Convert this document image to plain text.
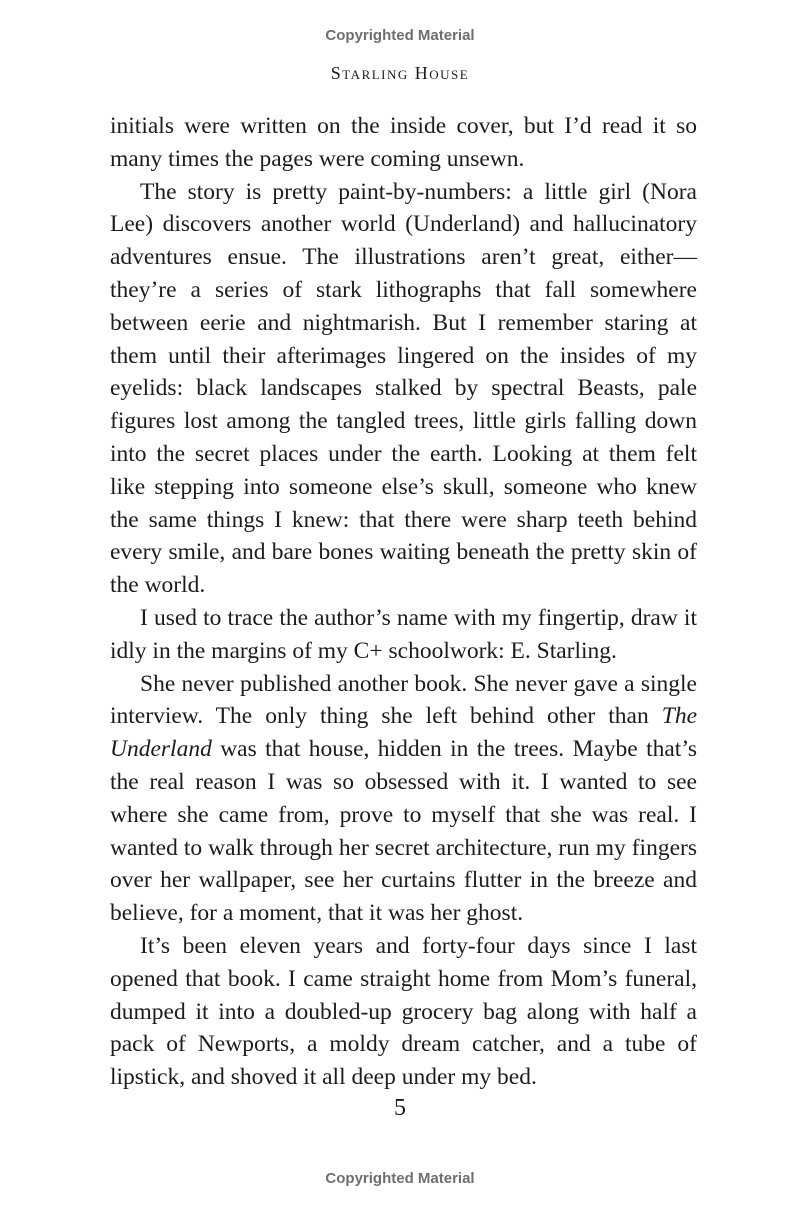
Copyrighted Material
Starling House

initials were written on the inside cover, but I’d read it so many times the pages were coming unsewn.

The story is pretty paint-by-numbers: a little girl (Nora Lee) discovers another world (Underland) and hallucinatory adventures ensue. The illustrations aren’t great, either—they’re a series of stark lithographs that fall somewhere between eerie and nightmarish. But I remember staring at them until their afterimages lingered on the insides of my eyelids: black landscapes stalked by spectral Beasts, pale figures lost among the tangled trees, little girls falling down into the secret places under the earth. Looking at them felt like stepping into someone else’s skull, someone who knew the same things I knew: that there were sharp teeth behind every smile, and bare bones waiting beneath the pretty skin of the world.

I used to trace the author’s name with my fingertip, draw it idly in the margins of my C+ schoolwork: E. Starling.

She never published another book. She never gave a single interview. The only thing she left behind other than The Underland was that house, hidden in the trees. Maybe that’s the real reason I was so obsessed with it. I wanted to see where she came from, prove to myself that she was real. I wanted to walk through her secret architecture, run my fingers over her wallpaper, see her curtains flutter in the breeze and believe, for a moment, that it was her ghost.

It’s been eleven years and forty-four days since I last opened that book. I came straight home from Mom’s funeral, dumped it into a doubled-up grocery bag along with half a pack of Newports, a moldy dream catcher, and a tube of lipstick, and shoved it all deep under my bed.

5
Copyrighted Material
